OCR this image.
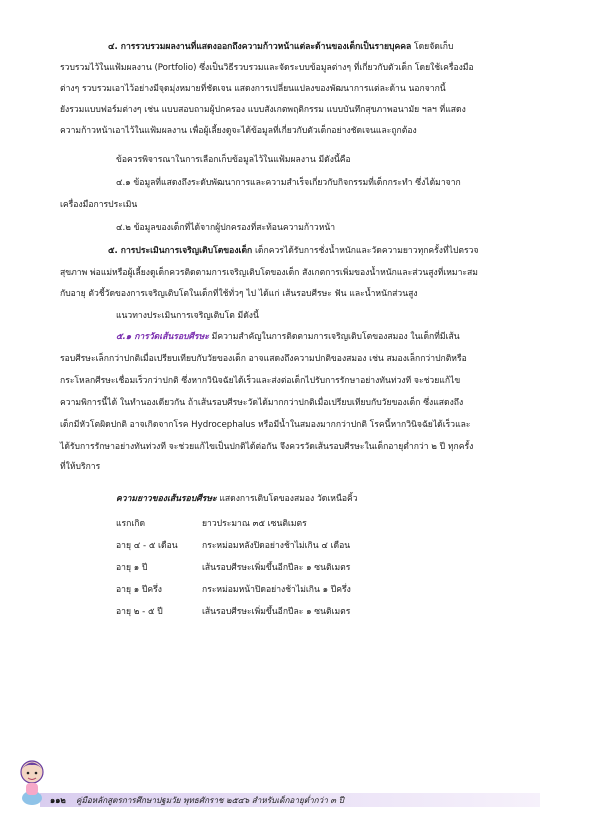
๔. การรวบรวมผลงานที่แสดงออกถึงความก้าวหน้าแต่ละด้านของเด็กเป็นรายบุคคล โดยจัดเก็บ
รวบรวมไว้ในแฟ้มผลงาน (Portfolio) ซึ่งเป็นวิธีรวบรวมและจัดระบบข้อมูลต่างๆ ที่เกี่ยวกับตัวเด็ก โดยใช้เครื่องมือ
ต่างๆ รวบรวมเอาไว้อย่างมีจุดมุ่งหมายที่ชัดเจน แสดงการเปลี่ยนแปลงของพัฒนาการแต่ละด้าน นอกจากนี้
ยังรวมแบบฟอร์มต่างๆ เช่น แบบสอบถามผู้ปกครอง แบบสังเกตพฤติกรรม แบบบันทึกสุขภาพอนามัย ฯลฯ ที่แสดง
ความก้าวหน้าเอาไว้ในแฟ้มผลงาน เพื่อผู้เลี้ยงดูจะได้ข้อมูลที่เกี่ยวกับตัวเด็กอย่างชัดเจนและถูกต้อง
ข้อควรพิจารณาในการเลือกเก็บข้อมูลไว้ในแฟ้มผลงาน มีดังนี้คือ
๔.๑ ข้อมูลที่แสดงถึงระดับพัฒนาการและความสำเร็จเกี่ยวกับกิจกรรมที่เด็กกระทำ ซึ่งได้มาจาก
เครื่องมือการประเมิน
๔.๒ ข้อมูลของเด็กที่ได้จากผู้ปกครองที่สะท้อนความก้าวหน้า
๕. การประเมินการเจริญเติบโตของเด็ก เด็กควรได้รับการชั่งน้ำหนักและวัดความยาวทุกครั้งที่ไปตรวจ
สุขภาพ พ่อแม่หรือผู้เลี้ยงดูเด็กควรติดตามการเจริญเติบโตของเด็ก สังเกตการเพิ่มของน้ำหนักและส่วนสูงที่เหมาะสม
กับอายุ ตัวชี้วัดของการเจริญเติบโตในเด็กที่ใช้ทั่วๆ ไป ได้แก่ เส้นรอบศีรษะ ฟัน และน้ำหนักส่วนสูง
แนวทางประเมินการเจริญเติบโต มีดังนี้
๕.๑ การวัดเส้นรอบศีรษะ มีความสำคัญในการติดตามการเจริญเติบโตของสมอง ในเด็กที่มีเส้น
รอบศีรษะเล็กกว่าปกติเมื่อเปรียบเทียบกับวัยของเด็ก อาจแสดงถึงความปกติของสมอง เช่น สมองเล็กกว่าปกติหรือ
กระโหลกศีรษะเชื่อมเร็วกว่าปกติ ซึ่งหากวินิจฉัยได้เร็วและส่งต่อเด็กไปรับการรักษาอย่างทันท่วงที จะช่วยแก้ไข
ความพิการนี้ได้ ในทำนองเดียวกัน ถ้าเส้นรอบศีรษะวัดได้มากกว่าปกติเมื่อเปรียบเทียบกับวัยของเด็ก ซึ่งแสดงถึง
เด็กมีหัวโตผิดปกติ อาจเกิดจากโรค Hydrocephalus หรือมีน้ำในสมองมากกว่าปกติ โรคนี้หากวินิจฉัยได้เร็วและ
ได้รับการรักษาอย่างทันท่วงที จะช่วยแก้ไขเป็นปกติได้ต่อกัน จึงควรวัดเส้นรอบศีรษะในเด็กอายุต่ำกว่า ๒ ปี ทุกครั้ง
ที่ให้บริการ
ความยาวของเส้นรอบศีรษะ แสดงการเติบโตของสมอง วัดเหนือคิ้ว
แรกเกิด	ยาวประมาณ ๓๕ เซนติเมตร
อายุ ๔ - ๕ เดือน	กระหม่อมหลังปิดอย่างช้าไม่เกิน ๔ เดือน
อายุ ๑ ปี	เส้นรอบศีรษะเพิ่มขึ้นอีกปีละ ๑ ซนติเมตร
อายุ ๑ ปีครึ่ง	กระหม่อมหน้าปิดอย่างช้าไม่เกิน ๑ ปีครึ่ง
อายุ ๒ - ๕ ปี	เส้นรอบศีรษะเพิ่มขึ้นอีกปีละ ๑ ซนติเมตร
๑๑๒ คู่มือหลักสูตรการศึกษาปฐมวัย พุทธศักราช ๒๕๔๖ สำหรับเด็กอายุต่ำกว่า ๓ ปี
